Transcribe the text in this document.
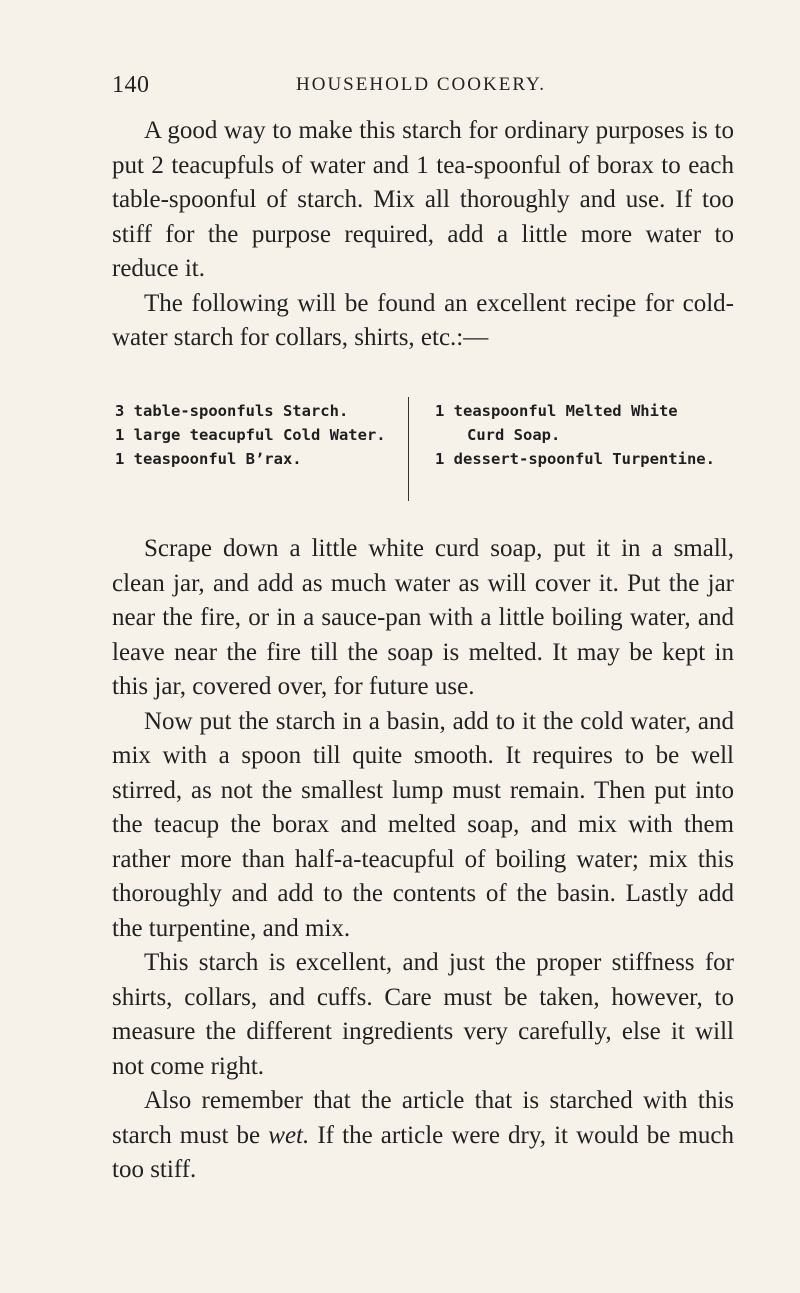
140	HOUSEHOLD COOKERY.

A good way to make this starch for ordinary purposes is to put 2 teacupfuls of water and 1 tea-spoonful of borax to each table-spoonful of starch. Mix all thoroughly and use. If too stiff for the purpose required, add a little more water to reduce it.

The following will be found an excellent recipe for cold-water starch for collars, shirts, etc.:—

3 table-spoonfuls Starch.
1 large teacupful Cold Water.
1 teaspoonful Bʼrax.
1 teaspoonful Melted White
Curd Soap.
1 dessert-spoonful Turpentine.

Scrape down a little white curd soap, put it in a small, clean jar, and add as much water as will cover it. Put the jar near the fire, or in a sauce-pan with a little boiling water, and leave near the fire till the soap is melted. It may be kept in this jar, covered over, for future use.

Now put the starch in a basin, add to it the cold water, and mix with a spoon till quite smooth. It requires to be well stirred, as not the smallest lump must remain. Then put into the teacup the borax and melted soap, and mix with them rather more than half-a-teacupful of boiling water; mix this thoroughly and add to the contents of the basin. Lastly add the turpentine, and mix.

This starch is excellent, and just the proper stiffness for shirts, collars, and cuffs. Care must be taken, however, to measure the different ingredients very carefully, else it will not come right.

Also remember that the article that is starched with this starch must be wet. If the article were dry, it would be much too stiff.
